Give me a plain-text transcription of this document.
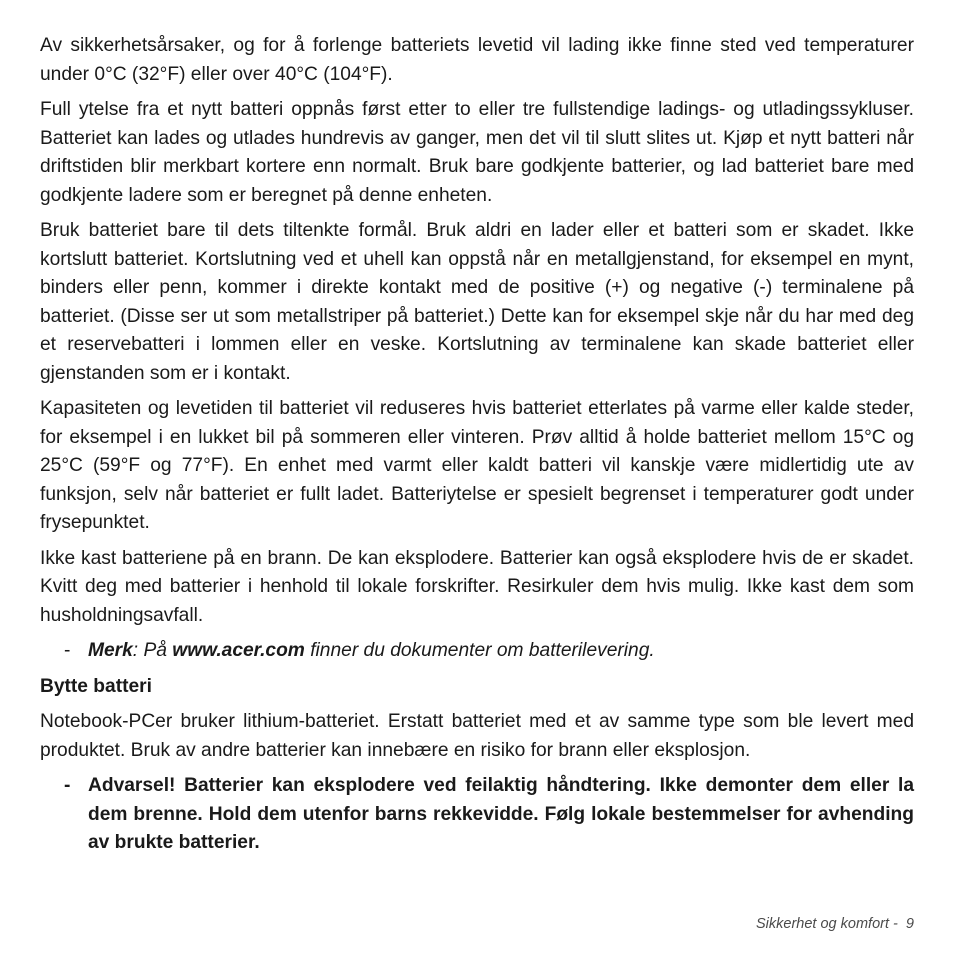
Av sikkerhetsårsaker, og for å forlenge batteriets levetid vil lading ikke finne sted ved temperaturer under 0°C (32°F) eller over 40°C (104°F).

Full ytelse fra et nytt batteri oppnås først etter to eller tre fullstendige ladings- og utladingssykluser. Batteriet kan lades og utlades hundrevis av ganger, men det vil til slutt slites ut. Kjøp et nytt batteri når driftstiden blir merkbart kortere enn normalt. Bruk bare godkjente batterier, og lad batteriet bare med godkjente ladere som er beregnet på denne enheten.

Bruk batteriet bare til dets tiltenkte formål. Bruk aldri en lader eller et batteri som er skadet. Ikke kortslutt batteriet. Kortslutning ved et uhell kan oppstå når en metallgjenstand, for eksempel en mynt, binders eller penn, kommer i direkte kontakt med de positive (+) og negative (-) terminalene på batteriet. (Disse ser ut som metallstriper på batteriet.) Dette kan for eksempel skje når du har med deg et reservebatteri i lommen eller en veske. Kortslutning av terminalene kan skade batteriet eller gjenstanden som er i kontakt.

Kapasiteten og levetiden til batteriet vil reduseres hvis batteriet etterlates på varme eller kalde steder, for eksempel i en lukket bil på sommeren eller vinteren. Prøv alltid å holde batteriet mellom 15°C og 25°C (59°F og 77°F). En enhet med varmt eller kaldt batteri vil kanskje være midlertidig ute av funksjon, selv når batteriet er fullt ladet. Batteriytelse er spesielt begrenset i temperaturer godt under frysepunktet.

Ikke kast batteriene på en brann. De kan eksplodere. Batterier kan også eksplodere hvis de er skadet. Kvitt deg med batterier i henhold til lokale forskrifter. Resirkuler dem hvis mulig. Ikke kast dem som husholdningsavfall.

- Merk: På www.acer.com finner du dokumenter om batterilevering.

Bytte batteri

Notebook-PCer bruker lithium-batteriet. Erstatt batteriet med et av samme type som ble levert med produktet. Bruk av andre batterier kan innebære en risiko for brann eller eksplosjon.

- Advarsel! Batterier kan eksplodere ved feilaktig håndtering. Ikke demonter dem eller la dem brenne. Hold dem utenfor barns rekkevidde. Følg lokale bestemmelser for avhending av brukte batterier.

Sikkerhet og komfort -  9
